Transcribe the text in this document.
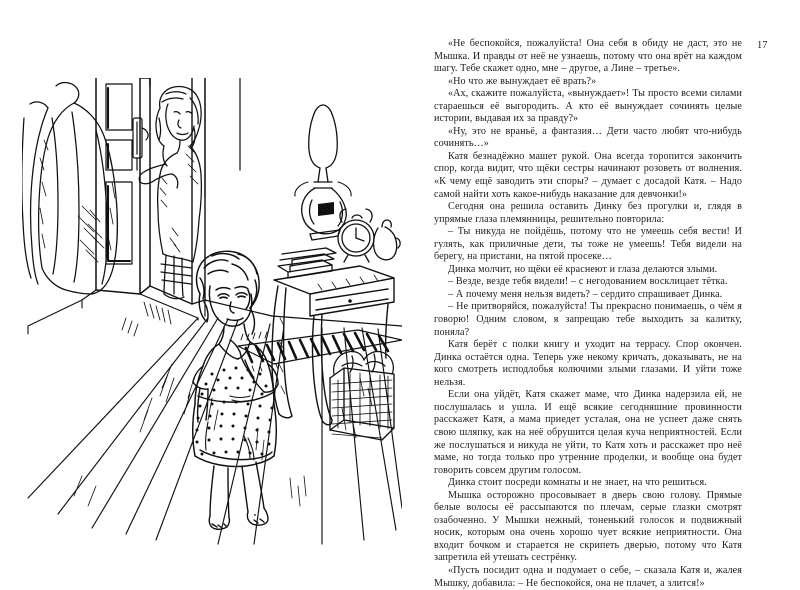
«Не беспокойся, пожалуйста! Она себя в обиду не даст, это не Мышка. И правды от неё не узнаешь, потому что она врёт на каждом шагу. Тебе скажет одно, мне – другое, а Лине – третье».

«Но что же вынуждает её врать?»

«Ах, скажите пожалуйста, «вынуждает»! Ты просто всеми силами стараешься её выгородить. А кто её вынуждает сочинять целые истории, выдавая их за правду?»

«Ну, это не враньё, а фантазия… Дети часто любят что-нибудь сочинять…»

Катя безнадёжно машет рукой. Она всегда торопится закончить спор, когда видит, что щёки сестры начинают розоветь от волнения. «К чему ещё заводить эти споры? – думает с досадой Катя. – Надо самой найти хоть какое-нибудь наказание для девчонки!»

Сегодня она решила оставить Динку без прогулки и, глядя в упрямые глаза племянницы, решительно повторила:

– Ты никуда не пойдёшь, потому что не умеешь себя вести! И гулять, как приличные дети, ты тоже не умеешь! Тебя видели на берегу, на пристани, на пятой просеке…

Динка молчит, но щёки её краснеют и глаза делаются злыми.

– Везде, везде тебя видели! – с негодованием восклицает тётка.

– А почему меня нельзя видеть? – сердито спрашивает Динка.

– Не притворяйся, пожалуйста! Ты прекрасно понимаешь, о чём я говорю! Одним словом, я запрещаю тебе выходить за калитку, поняла?

Катя берёт с полки книгу и уходит на террасу. Спор окончен. Динка остаётся одна. Теперь уже некому кричать, доказывать, не на кого смотреть исподлобья колючими злыми глазами. И уйти тоже нельзя.

Если она уйдёт, Катя скажет маме, что Динка надерзила ей, не послушалась и ушла. И ещё всякие сегодняшние провинности расскажет Катя, а мама приедет усталая, она не успеет даже снять свою шляпку, как на неё обрушится целая куча неприятностей. Если же послушаться и никуда не уйти, то Катя хоть и расскажет про неё маме, но тогда только про утренние проделки, и вообще она будет говорить совсем другим голосом.

Динка стоит посреди комнаты и не знает, на что решиться.

Мышка осторожно просовывает в дверь свою голову. Прямые белые волосы её рассыпаются по плечам, серые глазки смотрят озабоченно. У Мышки нежный, тоненький голосок и подвижный носик, которым она очень хорошо чует всякие неприятности. Она входит бочком и старается не скрипеть дверью, потому что Катя запретила ей утешать сестрёнку.

«Пусть посидит одна и подумает о себе, – сказала Катя и, жалея Мышку, добавила: – Не беспокойся, она не плачет, а злится!»

17
